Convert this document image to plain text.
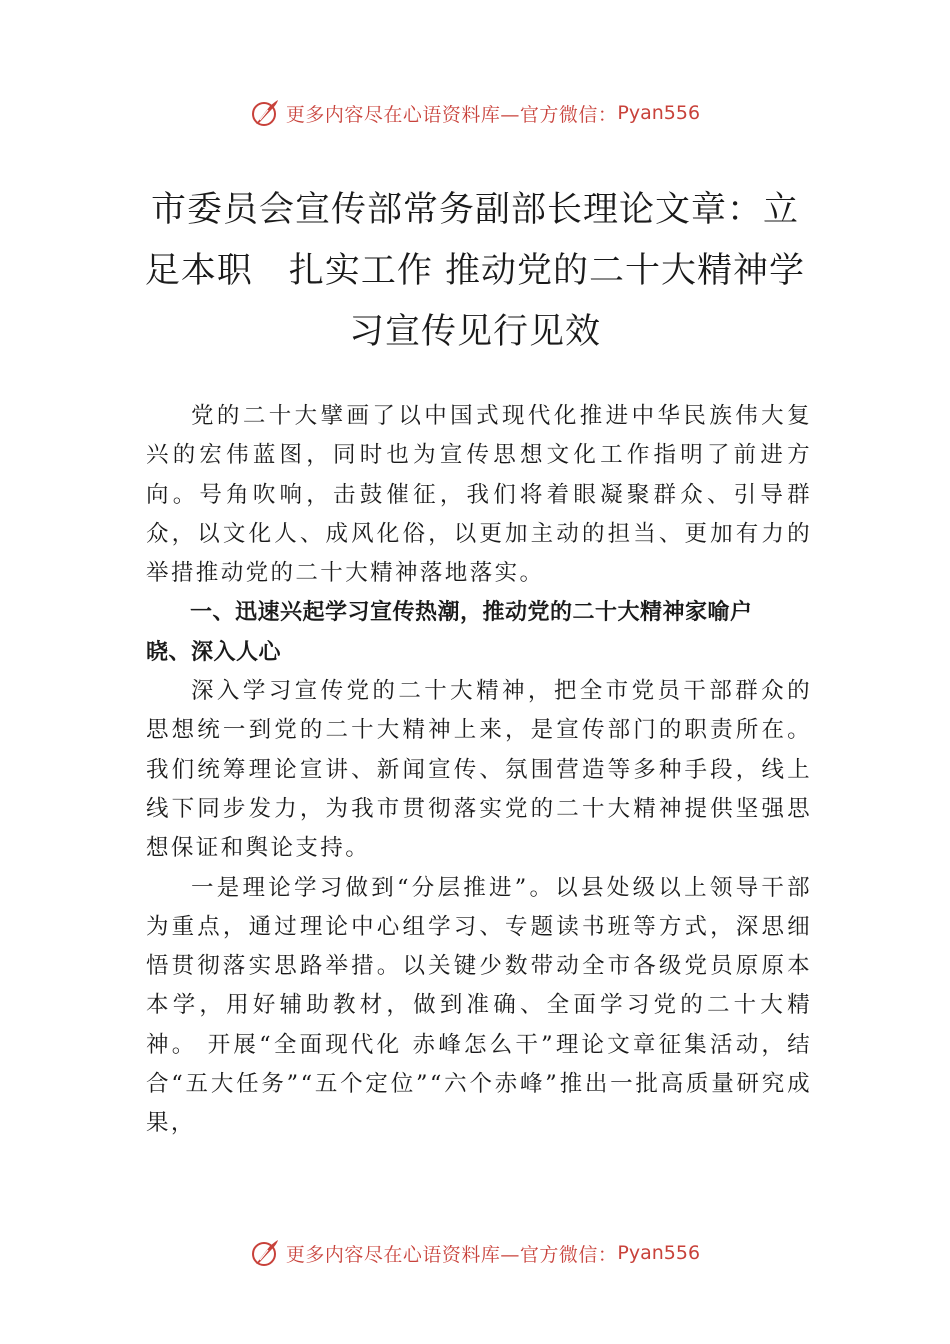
更多内容尽在心语资料库—官方微信： Pyan556
市委员会宣传部常务副部长理论文章：立
足本职　扎实工作 推动党的二十大精神学
习宣传见行见效

党的二十大擘画了以中国式现代化推进中华民族伟大复兴的宏伟蓝图，同时也为宣传思想文化工作指明了前进方向。号角吹响，击鼓催征，我们将着眼凝聚群众、引导群众，以文化人、成风化俗，以更加主动的担当、更加有力的举措推动党的二十大精神落地落实。

一、迅速兴起学习宣传热潮，推动党的二十大精神家喻户晓、深入人心

深入学习宣传党的二十大精神，把全市党员干部群众的思想统一到党的二十大精神上来，是宣传部门的职责所在。 我们统筹理论宣讲、新闻宣传、氛围营造等多种手段，线上线下同步发力，为我市贯彻落实党的二十大精神提供坚强思想保证和舆论支持。

一是理论学习做到“分层推进”。以县处级以上领导干部为重点，通过理论中心组学习、专题读书班等方式，深思细悟贯彻落实思路举措。以关键少数带动全市各级党员原原本本学，用好辅助教材，做到准确、全面学习党的二十大精神。 开展“全面现代化 赤峰怎么干”理论文章征集活动，结合“五大任务”“五个定位”“六个赤峰”推出一批高质量研究成果，

更多内容尽在心语资料库—官方微信： Pyan556
